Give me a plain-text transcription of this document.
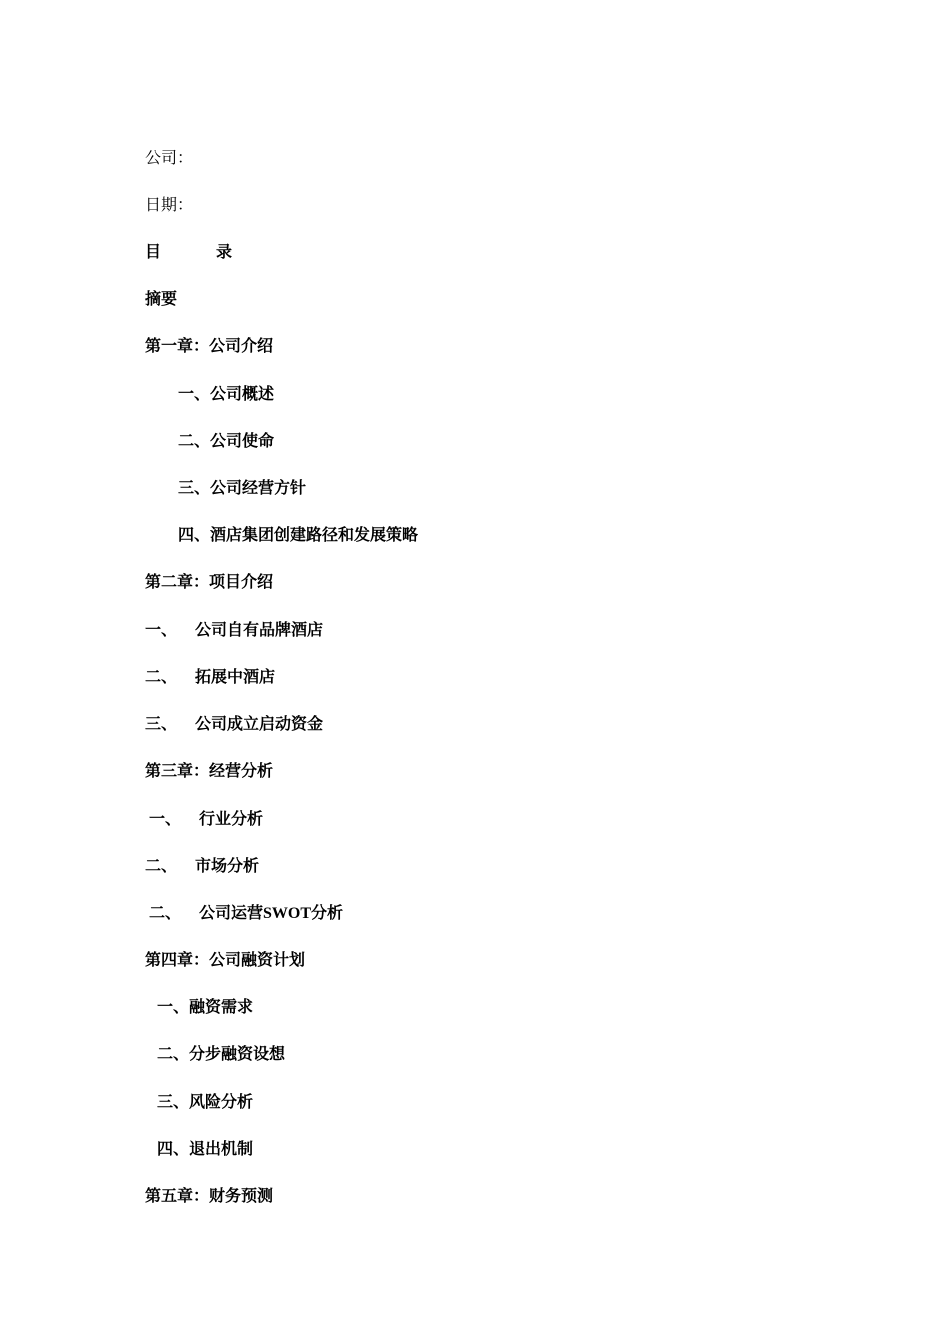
公司：
日期：
目	录
摘要
第一章：公司介绍
一、公司概述
二、公司使命
三、公司经营方针
四、酒店集团创建路径和发展策略
第二章：项目介绍
一、 公司自有品牌酒店
二、 拓展中酒店
三、 公司成立启动资金
第三章：经营分析
一、 行业分析
二、 市场分析
二、 公司运营SWOT分析
第四章：公司融资计划
一、融资需求
二、分步融资设想
三、风险分析
四、退出机制
第五章：财务预测
